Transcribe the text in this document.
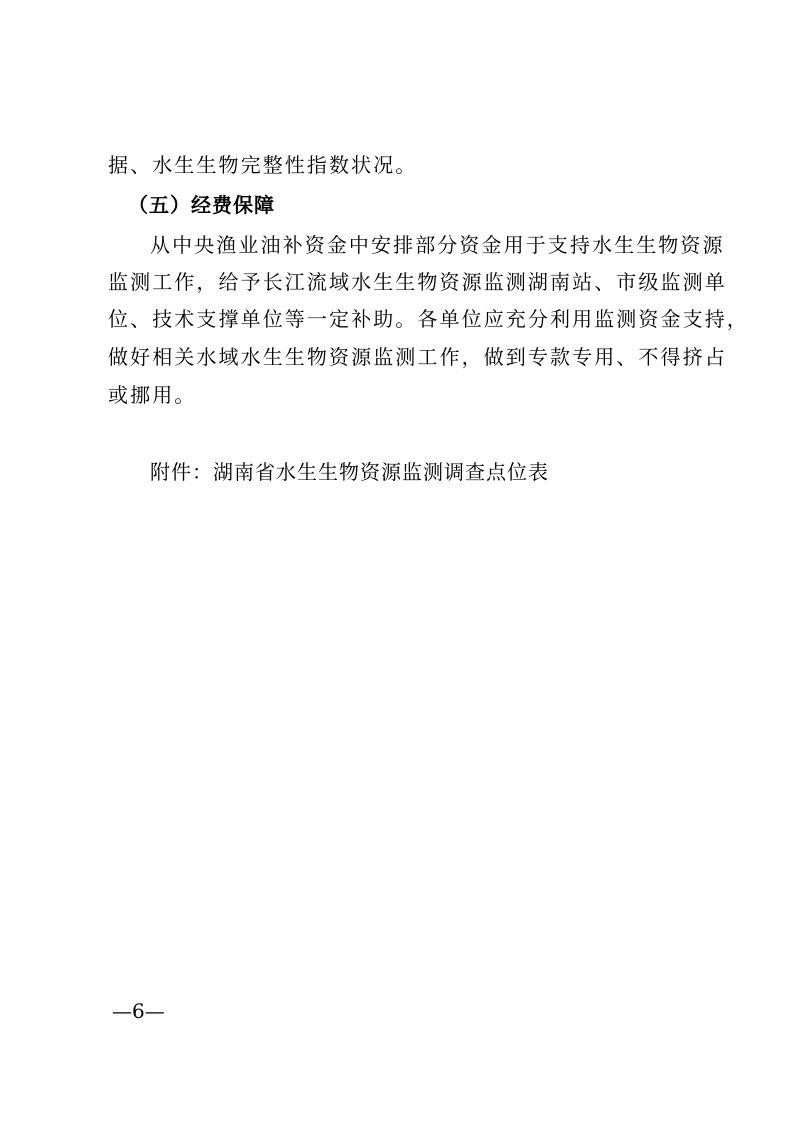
据、水生生物完整性指数状况。
（五）经费保障
从中央渔业油补资金中安排部分资金用于支持水生生物资源
监测工作，给予长江流域水生生物资源监测湖南站、市级监测单
位、技术支撑单位等一定补助。各单位应充分利用监测资金支持，
做好相关水域水生生物资源监测工作，做到专款专用、不得挤占
或挪用。
附件：湖南省水生生物资源监测调查点位表
—6—
